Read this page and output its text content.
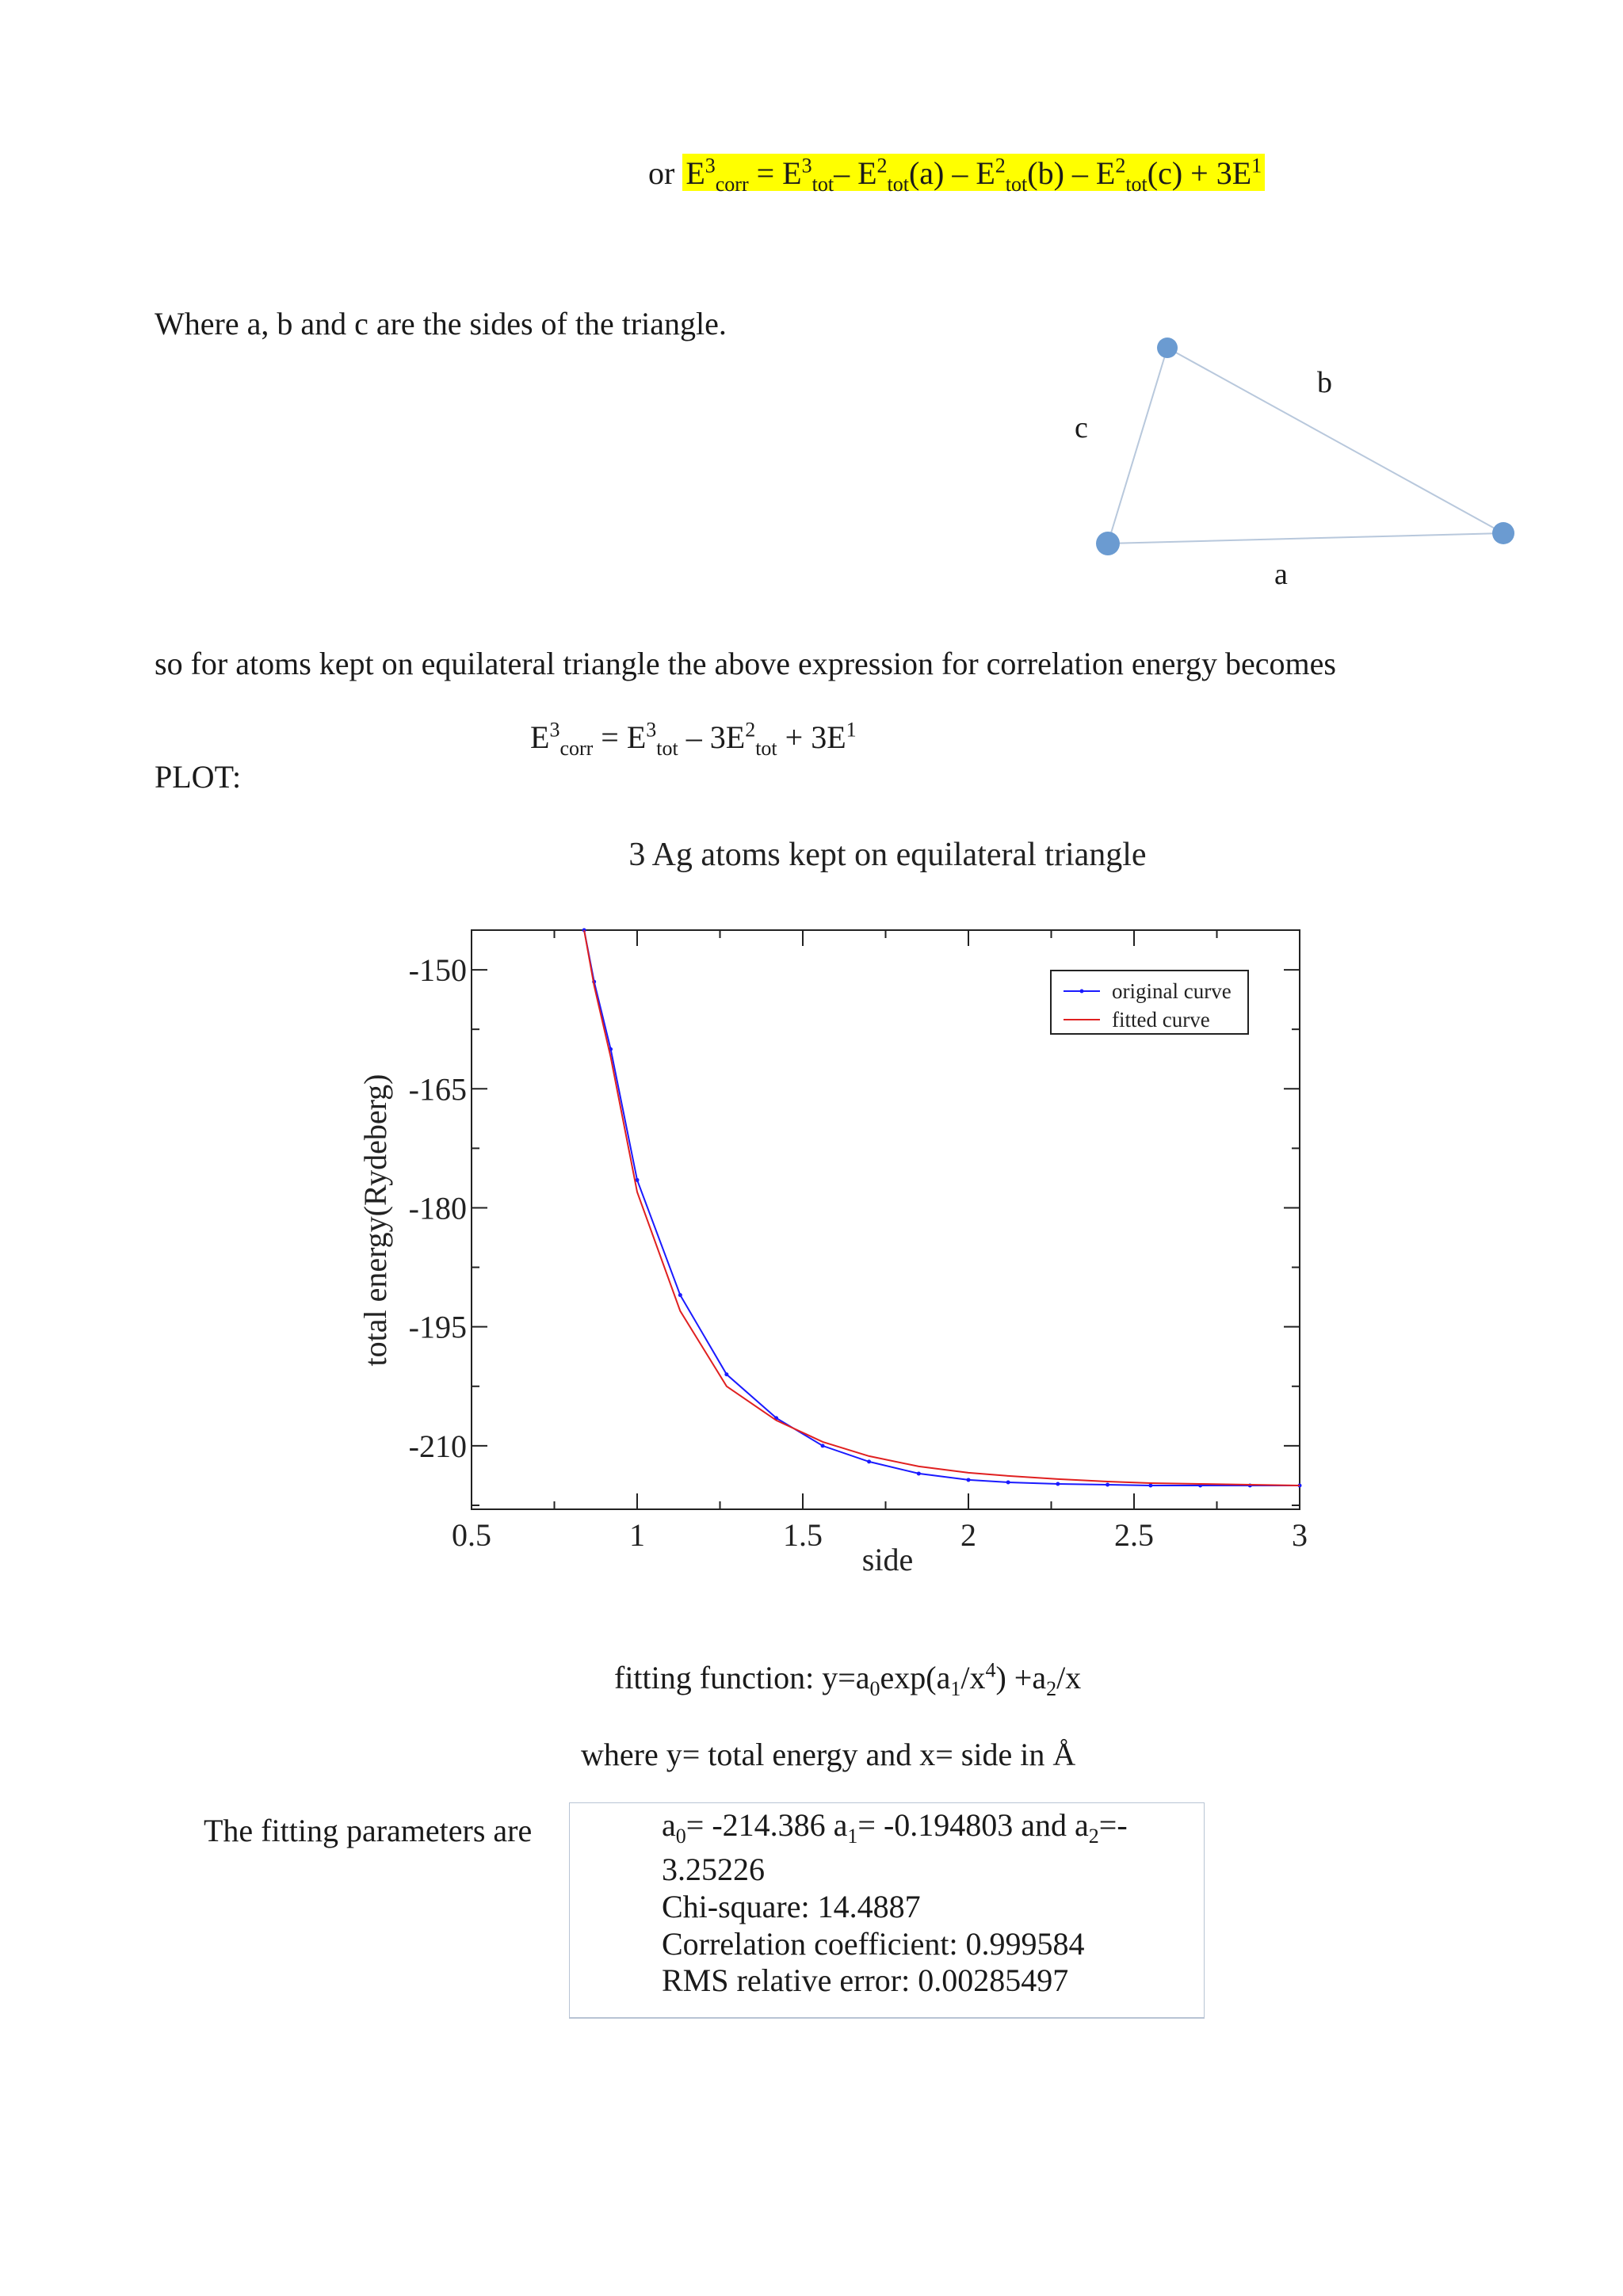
or $E^3_{corr} = E^3_{tot}-$ $E^2_{tot}(a) - E^2_{tot}(b) - E^2_{tot}(c) + 3E^1$
Where a, b and c are the sides of the triangle.
b
c
a
so for atoms kept on equilateral triangle the above expression for correlation energy becomes
$E^3_{corr} = E^3_{tot} - 3E^2_{tot} + 3E^1$
PLOT:
3 Ag atoms kept on equilateral triangle
0.5	1	1.5	2	2.5	3
-150
-165
-180
-195
-210
original curve
fitted curve
side
total energy(Rydeberg)
fitting function: $y=a_0\exp(a_1/x^4) +a_2/x$
where y= total energy and x= side in Å
The fitting parameters are	$a_0= -214.386$ $a_1= -0.194803$ and $a_2=-$
3.25226
Chi-square: 14.4887
Correlation coefficient: 0.999584
RMS relative error: 0.00285497
